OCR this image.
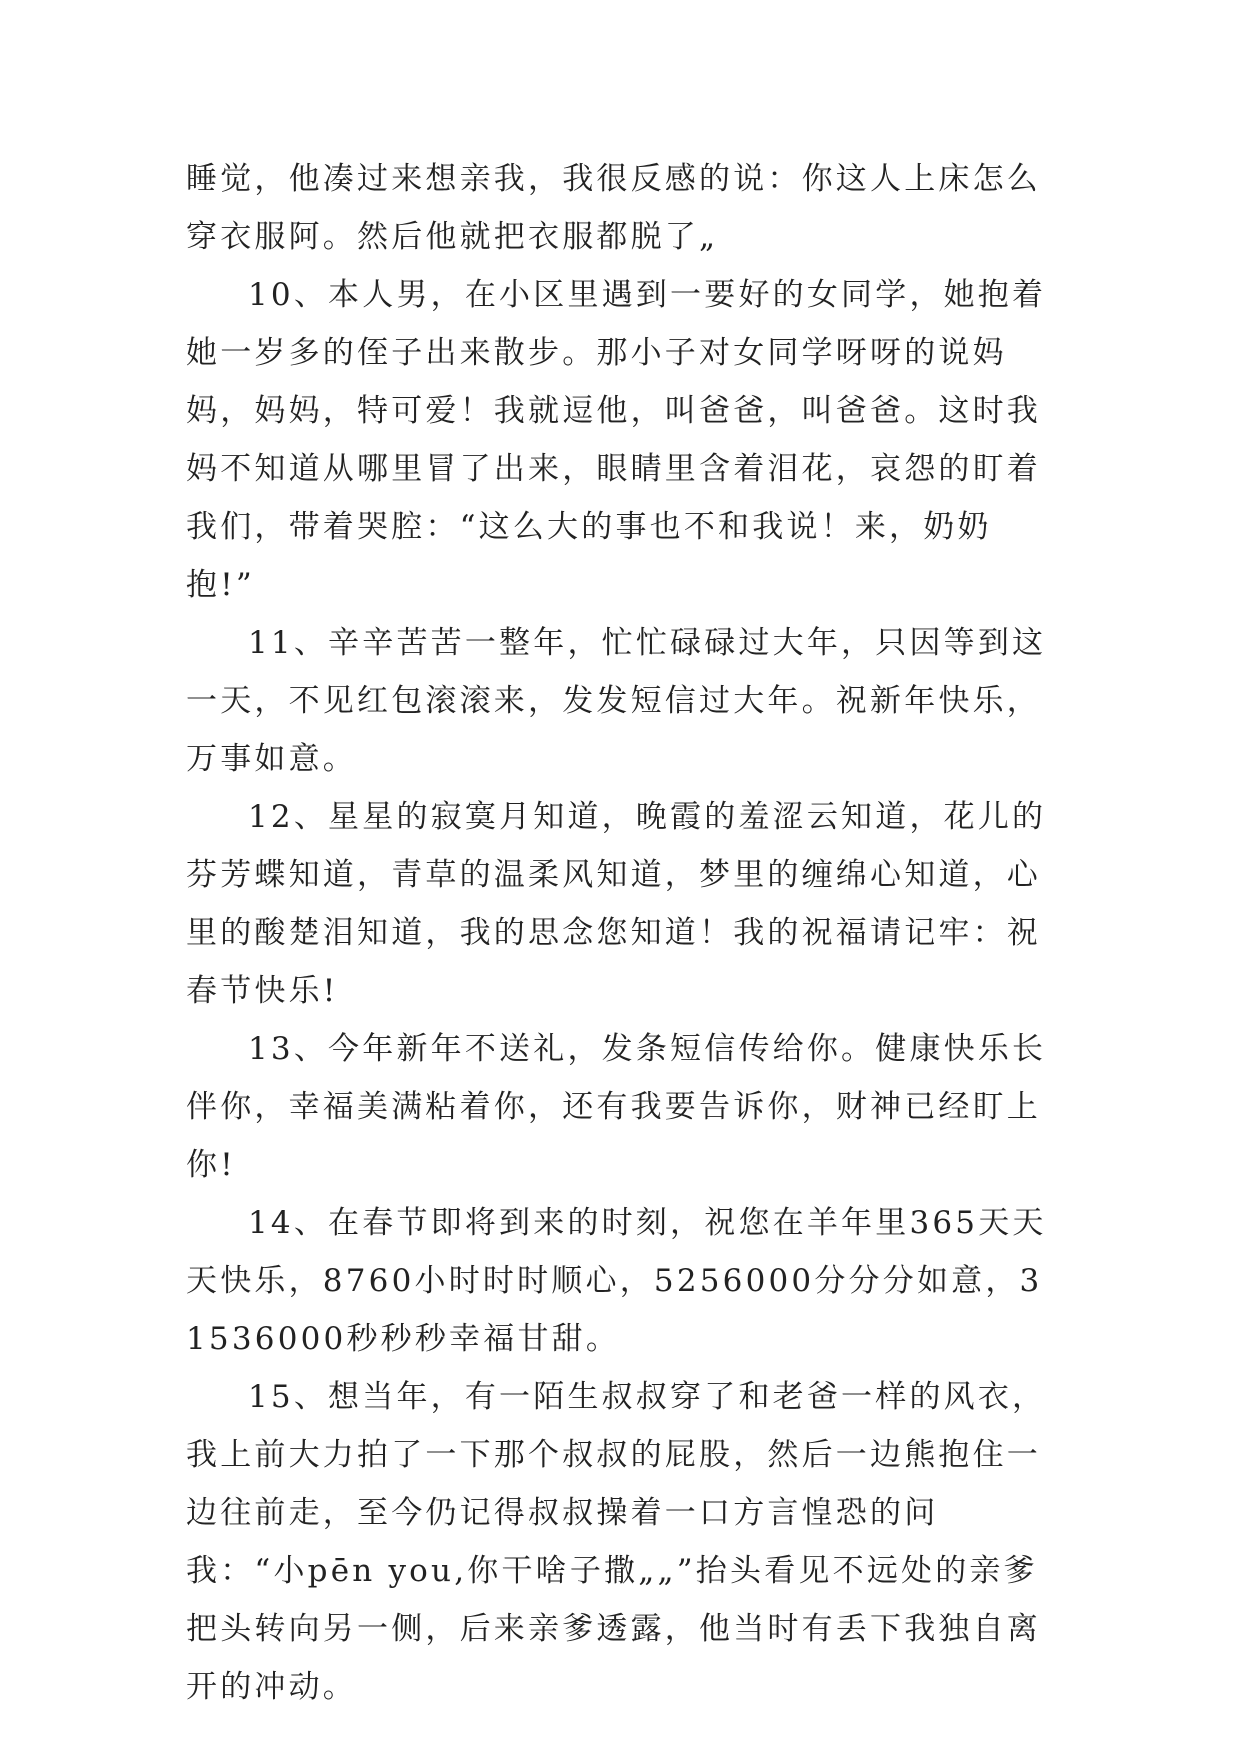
睡觉，他凑过来想亲我，我很反感的说：你这人上床怎么穿衣服阿。然后他就把衣服都脱了„

10、本人男，在小区里遇到一要好的女同学，她抱着她一岁多的侄子出来散步。那小子对女同学呀呀的说妈妈，妈妈，特可爱！我就逗他，叫爸爸，叫爸爸。这时我妈不知道从哪里冒了出来，眼睛里含着泪花，哀怨的盯着我们，带着哭腔：“这么大的事也不和我说！来，奶奶抱!”

11、辛辛苦苦一整年，忙忙碌碌过大年，只因等到这一天，不见红包滚滚来，发发短信过大年。祝新年快乐，万事如意。

12、星星的寂寞月知道，晚霞的羞涩云知道，花儿的芬芳蝶知道，青草的温柔风知道，梦里的缠绵心知道，心里的酸楚泪知道，我的思念您知道！我的祝福请记牢：祝春节快乐!

13、今年新年不送礼，发条短信传给你。健康快乐长伴你，幸福美满粘着你，还有我要告诉你，财神已经盯上你!

14、在春节即将到来的时刻，祝您在羊年里365天天天快乐，8760小时时时顺心，5256000分分分如意，31536000秒秒秒幸福甘甜。

15、想当年，有一陌生叔叔穿了和老爸一样的风衣，我上前大力拍了一下那个叔叔的屁股，然后一边熊抱住一边往前走，至今仍记得叔叔操着一口方言惶恐的问我：“小pēn you,你干啥子撒„„”抬头看见不远处的亲爹把头转向另一侧，后来亲爹透露，他当时有丢下我独自离开的冲动。
